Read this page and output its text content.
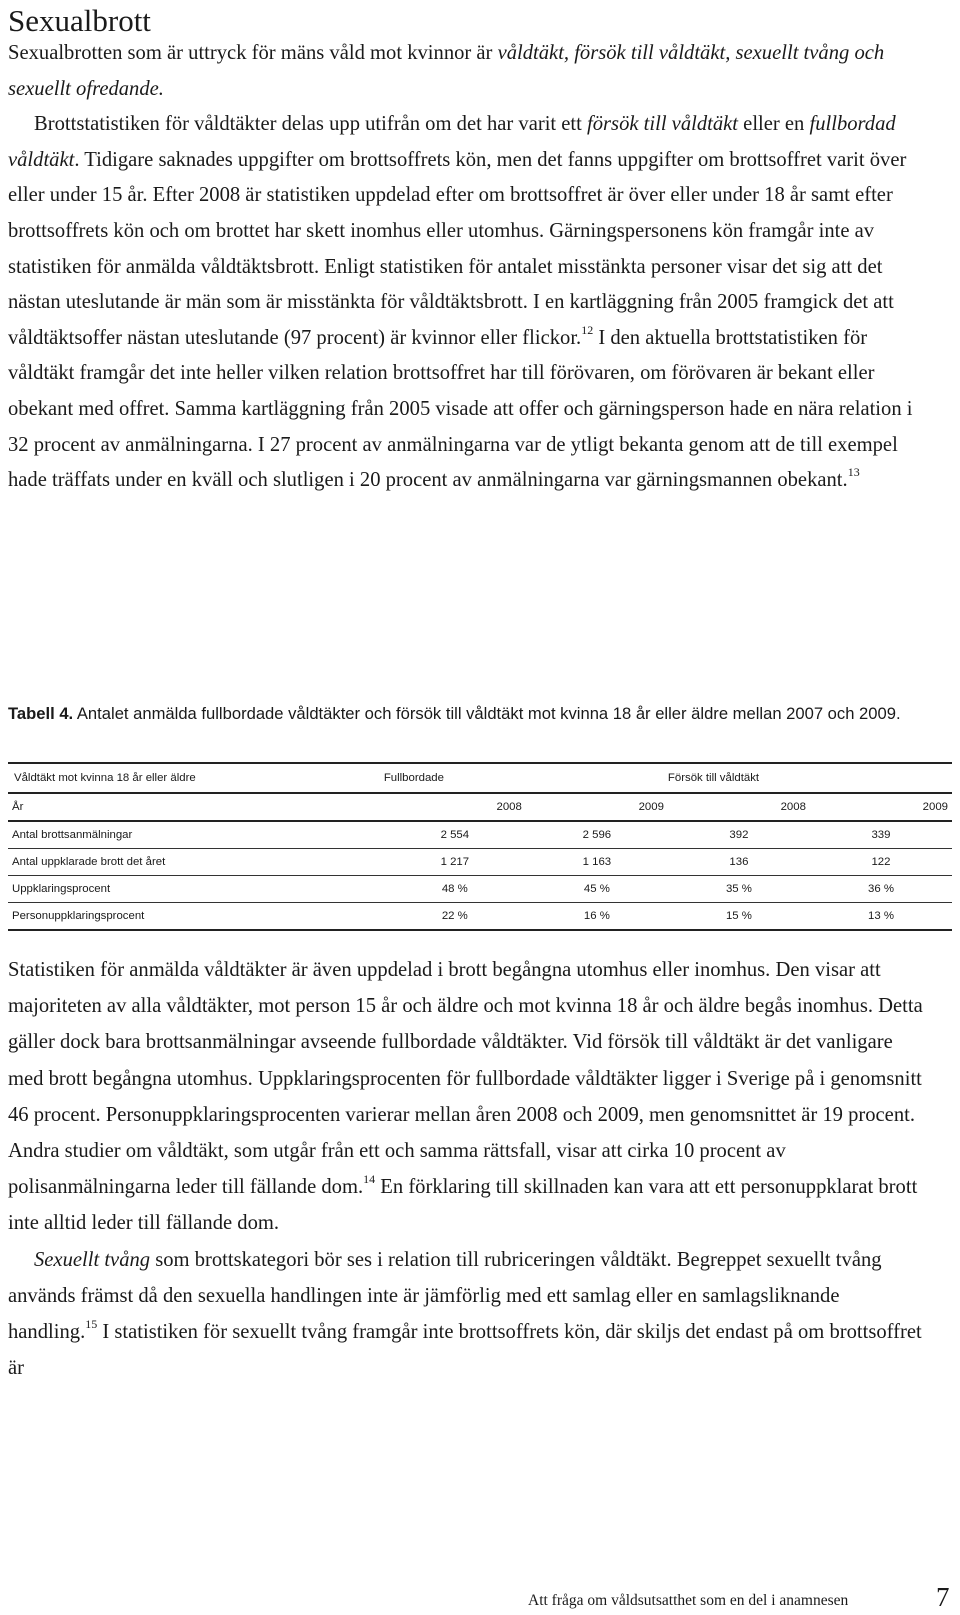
Sexualbrott

Sexualbrotten som är uttryck för mäns våld mot kvinnor är våldtäkt, försök till våldtäkt, sexuellt tvång och sexuellt ofredande.

Brottstatistiken för våldtäkter delas upp utifrån om det har varit ett försök till våldtäkt eller en fullbordad våldtäkt. Tidigare saknades uppgifter om brottsoffrets kön, men det fanns uppgifter om brottsoffret varit över eller under 15 år. Efter 2008 är statistiken uppdelad efter om brottsoffret är över eller under 18 år samt efter brottsoffrets kön och om brottet har skett inomhus eller utomhus. Gärningspersonens kön framgår inte av statistiken för anmälda våldtäktsbrott. Enligt statistiken för antalet misstänkta personer visar det sig att det nästan uteslutande är män som är misstänkta för våldtäktsbrott. I en kartläggning från 2005 framgick det att våldtäktsoffer nästan uteslutande (97 procent) är kvinnor eller flickor.$^{12}$ I den aktuella brottstatistiken för våldtäkt framgår det inte heller vilken relation brottsoffret har till förövaren, om förövaren är bekant eller obekant med offret. Samma kartläggning från 2005 visade att offer och gärningsperson hade en nära relation i 32 procent av anmälningarna. I 27 procent av anmälningarna var de ytligt bekanta genom att de till exempel hade träffats under en kväll och slutligen i 20 procent av anmälningarna var gärningsmannen obekant.$^{13}$

Tabell 4. Antalet anmälda fullbordade våldtäkter och försök till våldtäkt mot kvinna 18 år eller äldre mellan 2007 och 2009.
Våldtäkt mot kvinna 18 år eller äldre	Fullbordade		Försök till våldtäkt	
År	2008	2009	2008	2009
Antal brottsanmälningar	2 554	2 596	392	339
Antal uppklarade brott det året	1 217	1 163	136	122
Uppklaringsprocent	48 %	45 %	35 %	36 %
Personuppklaringsprocent	22 %	16 %	15 %	13 %

Statistiken för anmälda våldtäkter är även uppdelad i brott begångna utomhus eller inomhus. Den visar att majoriteten av alla våldtäkter, mot person 15 år och äldre och mot kvinna 18 år och äldre begås inomhus. Detta gäller dock bara brottsanmälningar avseende fullbordade våldtäkter. Vid försök till våldtäkt är det vanligare med brott begångna utomhus. Uppklaringsprocenten för fullbordade våldtäkter ligger i Sverige på i genomsnitt 46 procent. Personuppklaringsprocenten varierar mellan åren 2008 och 2009, men genomsnittet är 19 procent. Andra studier om våldtäkt, som utgår från ett och samma rättsfall, visar att cirka 10 procent av polisanmälningarna leder till fällande dom.$^{14}$ En förklaring till skillnaden kan vara att ett personuppklarat brott inte alltid leder till fällande dom.

Sexuellt tvång som brottskategori bör ses i relation till rubriceringen våldtäkt. Begreppet sexuellt tvång används främst då den sexuella handlingen inte är jämförlig med ett samlag eller en samlagsliknande handling.$^{15}$ I statistiken för sexuellt tvång framgår inte brottsoffrets kön, där skiljs det endast på om brottsoffret är

Att fråga om våldsutsatthet som en del i anamnesen	7
